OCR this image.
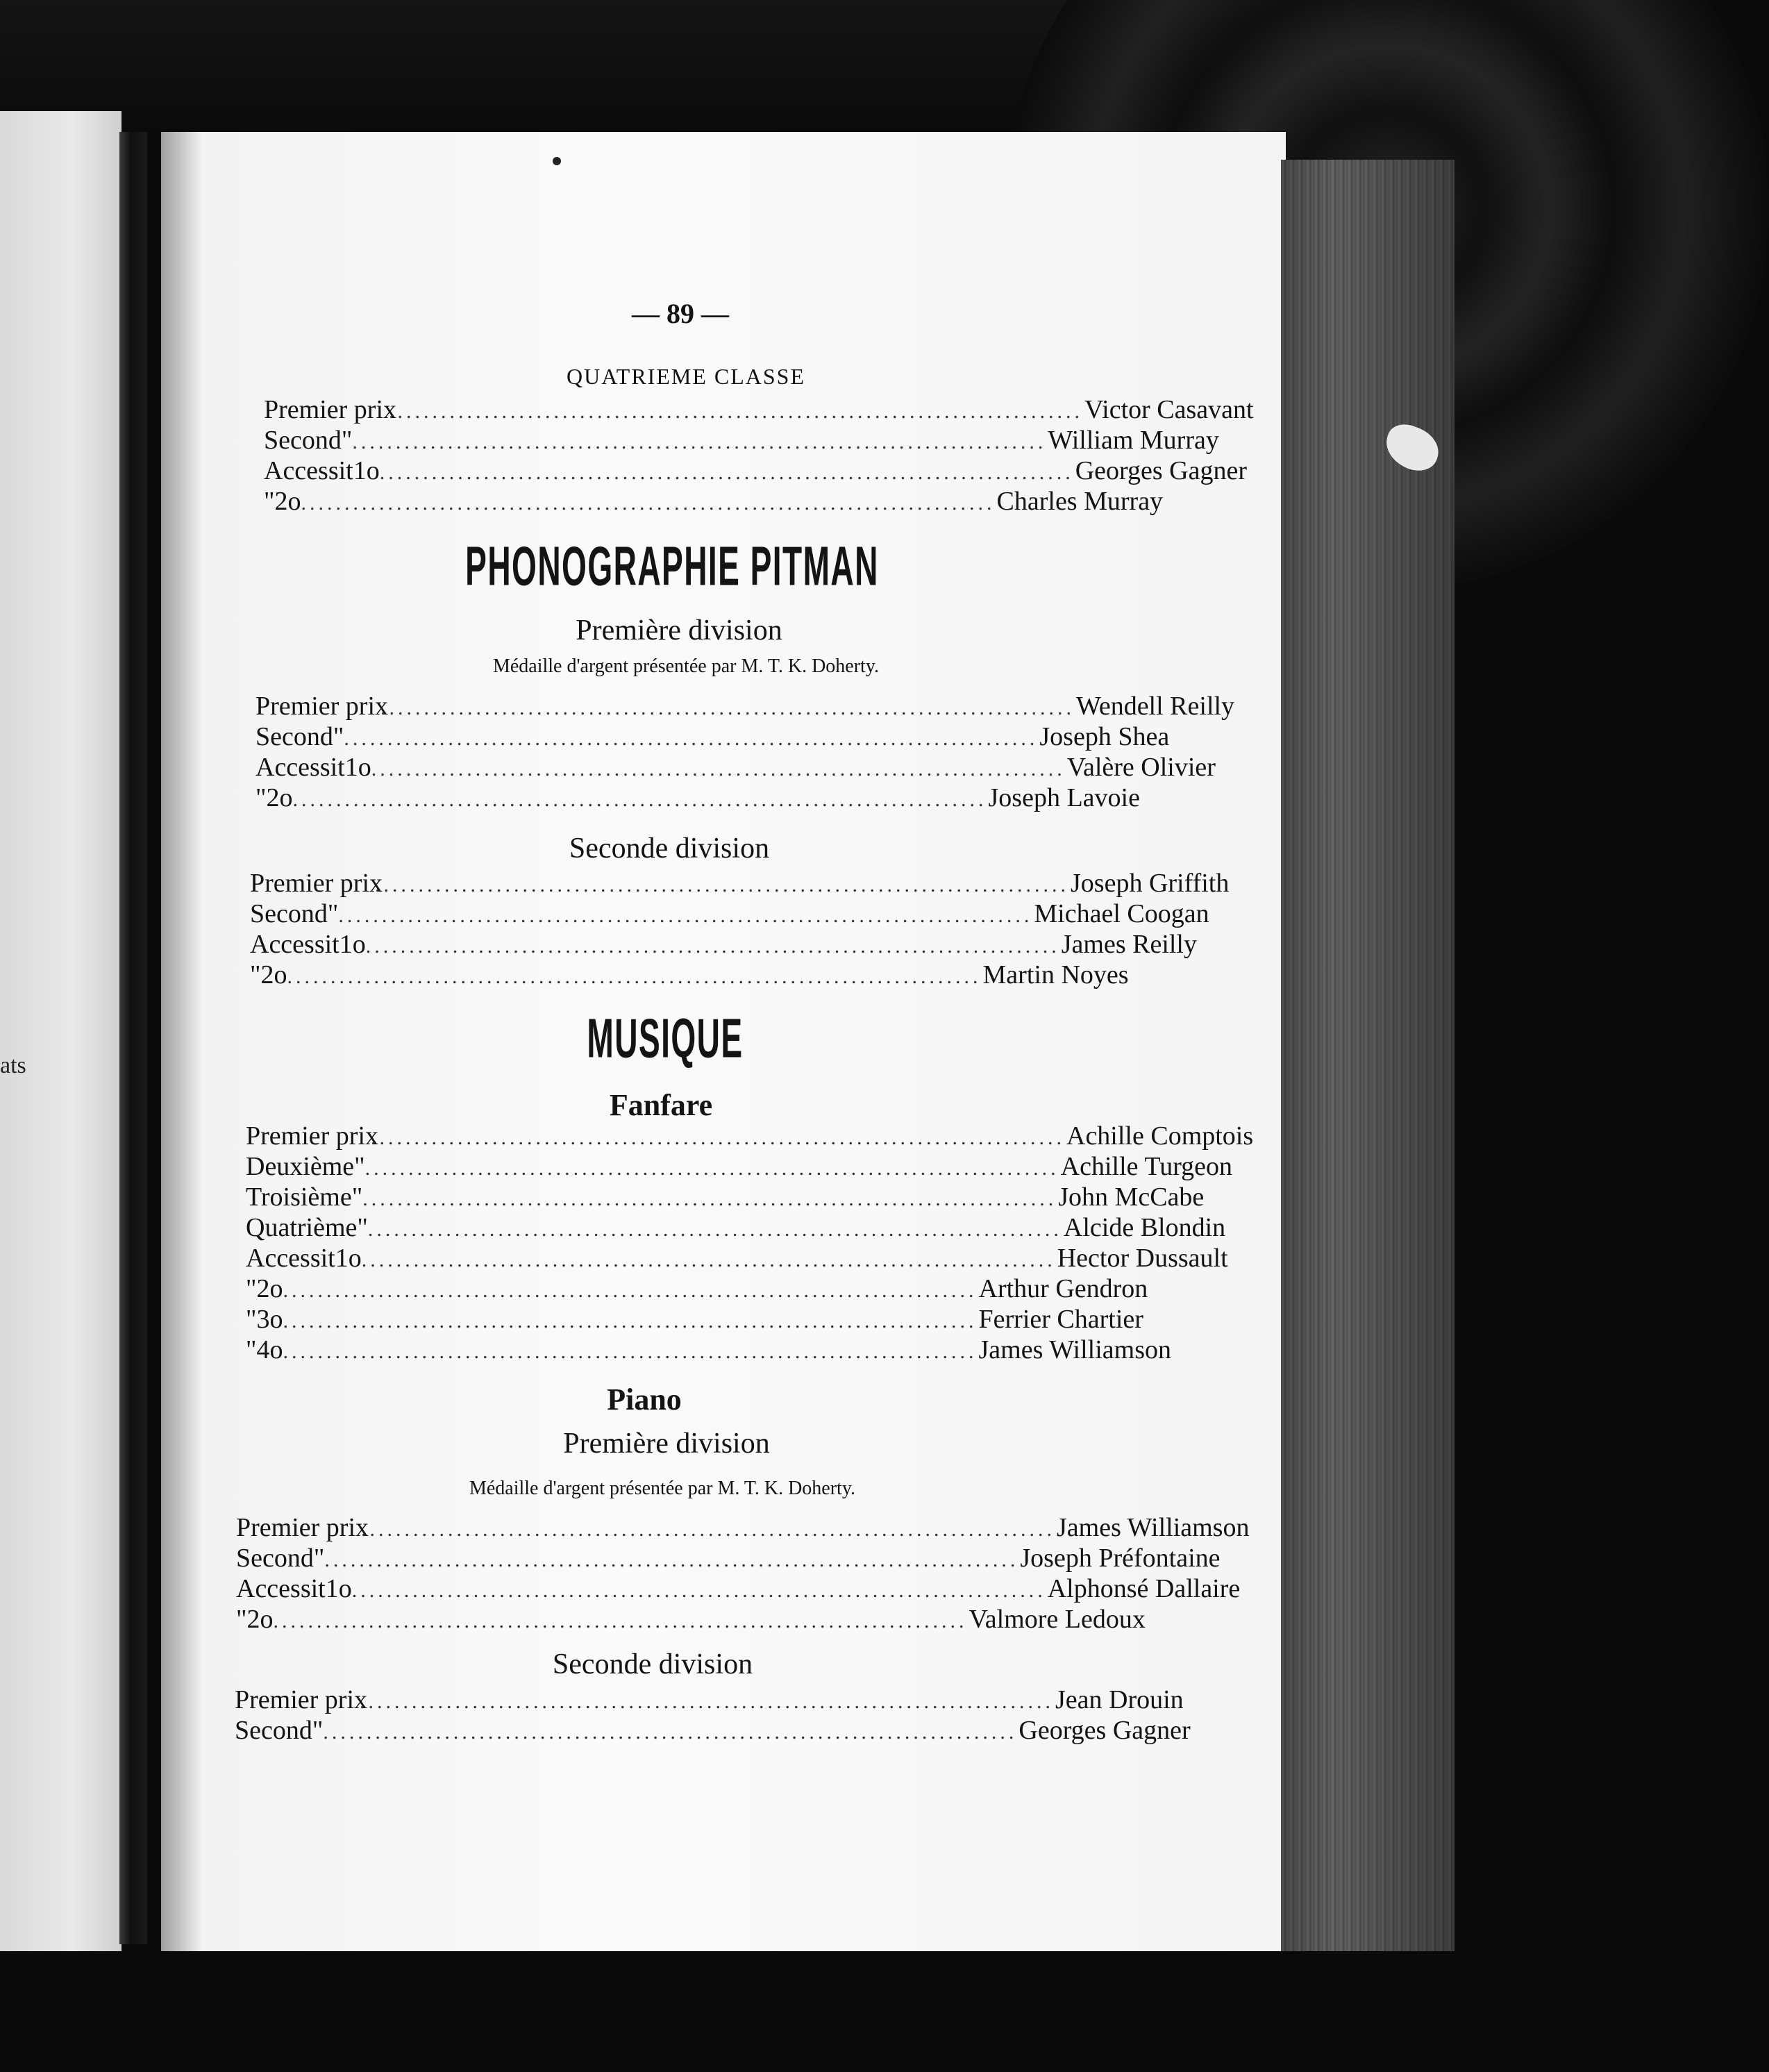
ats
— 89 —
QUATRIEME CLASSE
Premier prix
................................................................................ Victor Casavant
Second " ................................................................................ William Murray
Accessit 1o ................................................................................ Georges Gagner
" 2o ................................................................................ Charles Murray
PHONOGRAPHIE PITMAN
Première division
Médaille d'argent présentée par M. T. K. Doherty.
Premier prix
................................................................................ Wendell Reilly
Second " ................................................................................ Joseph Shea
Accessit 1o ................................................................................ Valère Olivier
" 2o ................................................................................ Joseph Lavoie
Seconde division
Premier prix
................................................................................ Joseph Griffith
Second " ................................................................................ Michael Coogan
Accessit 1o ................................................................................ James Reilly
" 2o ................................................................................ Martin Noyes
MUSIQUE
Fanfare
Premier prix
................................................................................ Achille Comptois
Deuxième " ................................................................................ Achille Turgeon
Troisième " ................................................................................ John McCabe
Quatrième " ................................................................................ Alcide Blondin
Accessit 1o ................................................................................ Hector Dussault
" 2o ................................................................................ Arthur Gendron
" 3o ................................................................................ Ferrier Chartier
" 4o ................................................................................ James Williamson
Piano
Première division
Médaille d'argent présentée par M. T. K. Doherty.
Premier prix
................................................................................ James Williamson
Second " ................................................................................ Joseph Préfontaine
Accessit 1o ................................................................................ Alphonsé Dallaire
" 2o ................................................................................ Valmore Ledoux
Seconde division
Premier prix
................................................................................ Jean Drouin
Second " ................................................................................ Georges Gagner
